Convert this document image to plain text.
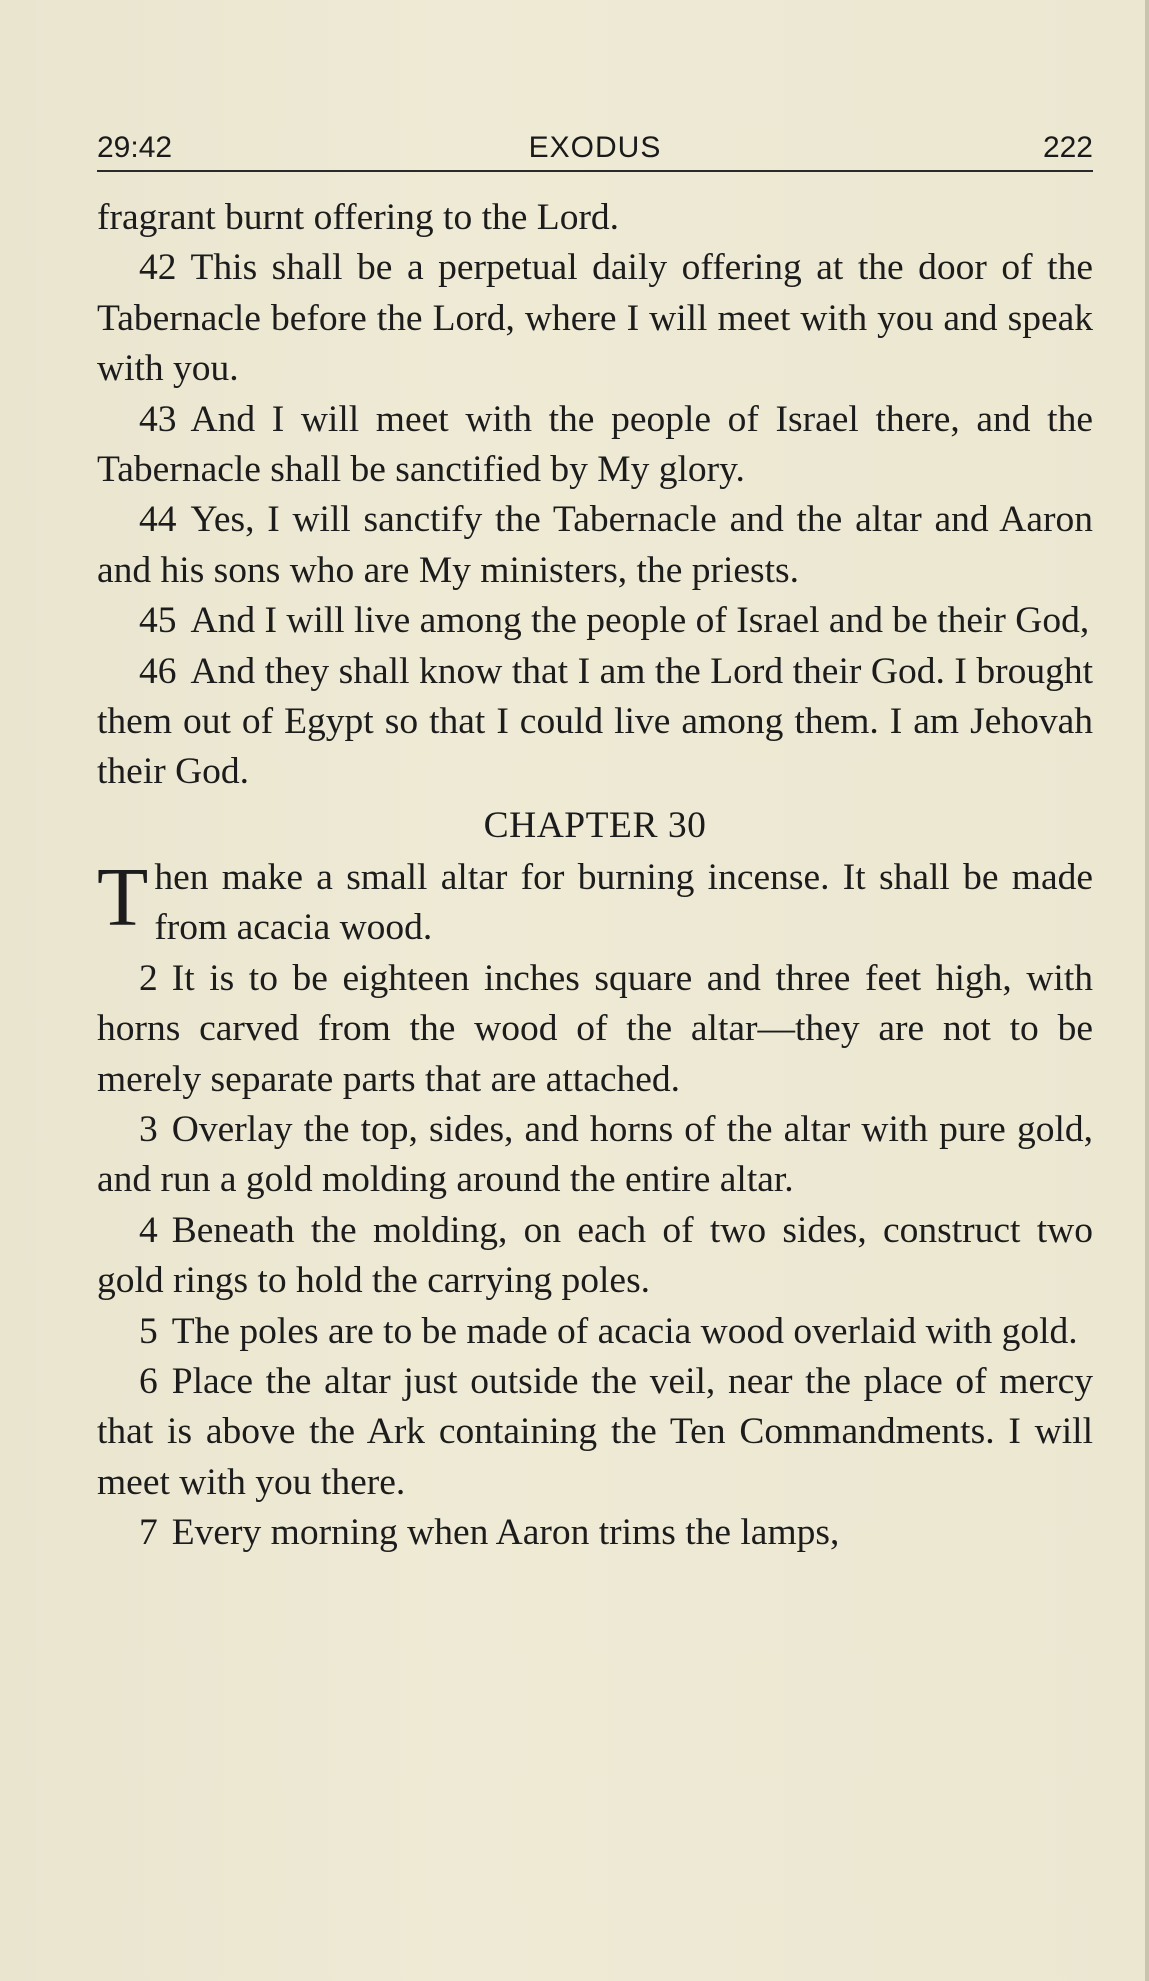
29:42	EXODUS	222

fragrant burnt offering to the Lord.

42 This shall be a perpetual daily offering at the door of the Tabernacle before the Lord, where I will meet with you and speak with you.

43 And I will meet with the people of Israel there, and the Tabernacle shall be sanctified by My glory.

44 Yes, I will sanctify the Tabernacle and the altar and Aaron and his sons who are My ministers, the priests.

45 And I will live among the people of Israel and be their God,

46 And they shall know that I am the Lord their God. I brought them out of Egypt so that I could live among them. I am Jehovah their God.

CHAPTER 30

Then make a small altar for burning incense. It shall be made from acacia wood.

2 It is to be eighteen inches square and three feet high, with horns carved from the wood of the altar—they are not to be merely separate parts that are attached.

3 Overlay the top, sides, and horns of the altar with pure gold, and run a gold molding around the entire altar.

4 Beneath the molding, on each of two sides, construct two gold rings to hold the carrying poles.

5 The poles are to be made of acacia wood overlaid with gold.

6 Place the altar just outside the veil, near the place of mercy that is above the Ark containing the Ten Commandments. I will meet with you there.

7 Every morning when Aaron trims the lamps,
